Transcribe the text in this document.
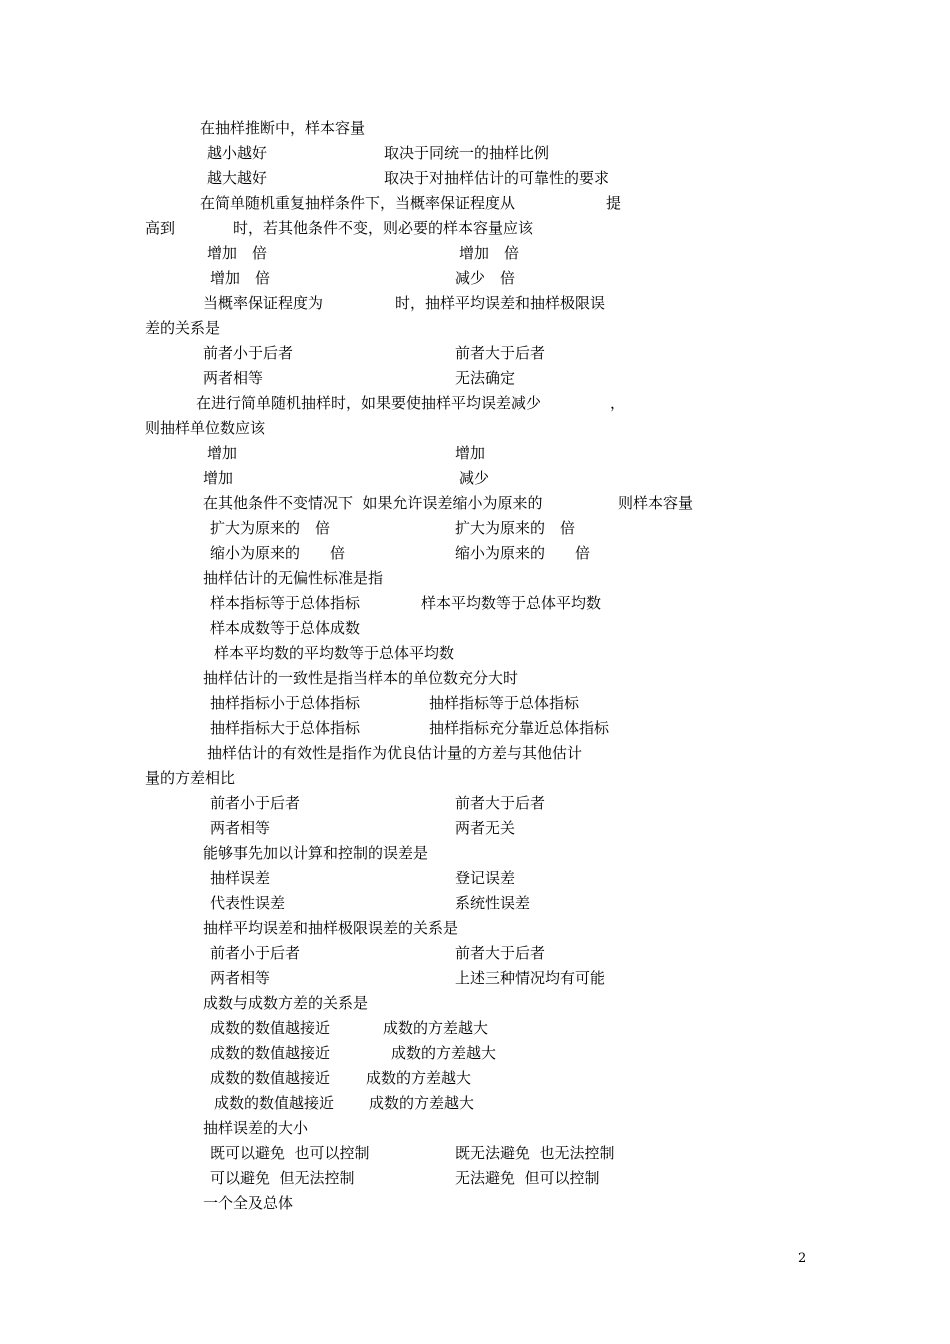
在抽样推断中，样本容量
越小越好	取决于同统一的抽样比例
越大越好	取决于对抽样估计的可靠性的要求
在简单随机重复抽样条件下，当概率保证程度从	提
高到	时，若其他条件不变，则必要的样本容量应该
增加　倍	增加　倍
增加　倍	减少　倍
当概率保证程度为	时，抽样平均误差和抽样极限误
差的关系是
前者小于后者	前者大于后者
两者相等	无法确定
在进行简单随机抽样时，如果要使抽样平均误差减少	，
则抽样单位数应该
增加	增加
增加	减少
在其他条件不变情况下  如果允许误差缩小为原来的	则样本容量
扩大为原来的　倍	扩大为原来的　倍
缩小为原来的　　倍	缩小为原来的　　倍
抽样估计的无偏性标准是指
样本指标等于总体指标	样本平均数等于总体平均数
样本成数等于总体成数
样本平均数的平均数等于总体平均数
抽样估计的一致性是指当样本的单位数充分大时
抽样指标小于总体指标	抽样指标等于总体指标
抽样指标大于总体指标	抽样指标充分靠近总体指标
抽样估计的有效性是指作为优良估计量的方差与其他估计
量的方差相比
前者小于后者	前者大于后者
两者相等	两者无关
能够事先加以计算和控制的误差是
抽样误差	登记误差
代表性误差	系统性误差
抽样平均误差和抽样极限误差的关系是
前者小于后者	前者大于后者
两者相等	上述三种情况均有可能
成数与成数方差的关系是
成数的数值越接近	成数的方差越大
成数的数值越接近	成数的方差越大
成数的数值越接近 成数的方差越大
成数的数值越接近 成数的方差越大
抽样误差的大小
既可以避免  也可以控制	既无法避免  也无法控制
可以避免  但无法控制	无法避免  但可以控制
一个全及总体
2
